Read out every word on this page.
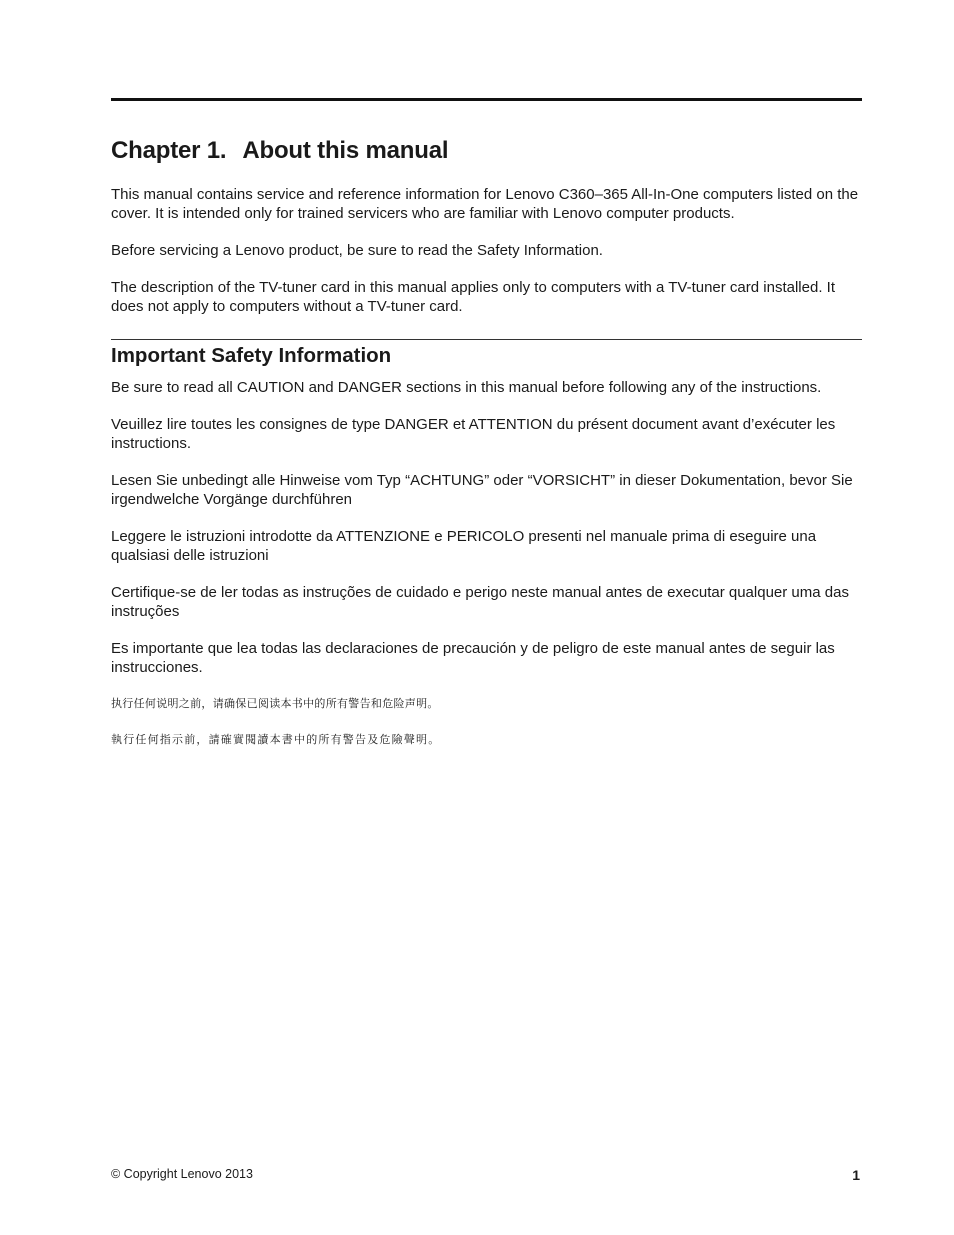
Chapter 1. About this manual

This manual contains service and reference information for Lenovo C360–365 All-In-One computers listed on the cover. It is intended only for trained servicers who are familiar with Lenovo computer products.

Before servicing a Lenovo product, be sure to read the Safety Information.

The description of the TV-tuner card in this manual applies only to computers with a TV-tuner card installed. It does not apply to computers without a TV-tuner card.

Important Safety Information

Be sure to read all CAUTION and DANGER sections in this manual before following any of the instructions.

Veuillez lire toutes les consignes de type DANGER et ATTENTION du présent document avant d’exécuter les instructions.

Lesen Sie unbedingt alle Hinweise vom Typ “ACHTUNG” oder “VORSICHT” in dieser Dokumentation, bevor Sie irgendwelche Vorgänge durchführen

Leggere le istruzioni introdotte da ATTENZIONE e PERICOLO presenti nel manuale prima di eseguire una qualsiasi delle istruzioni

Certifique-se de ler todas as instruções de cuidado e perigo neste manual antes de executar qualquer uma das instruções

Es importante que lea todas las declaraciones de precaución y de peligro de este manual antes de seguir las instrucciones.

执行任何说明之前，请确保已阅读本书中的所有警告和危险声明。
執行任何指示前，請確實閱讀本書中的所有警告及危險聲明。
© Copyright Lenovo 2013	1
